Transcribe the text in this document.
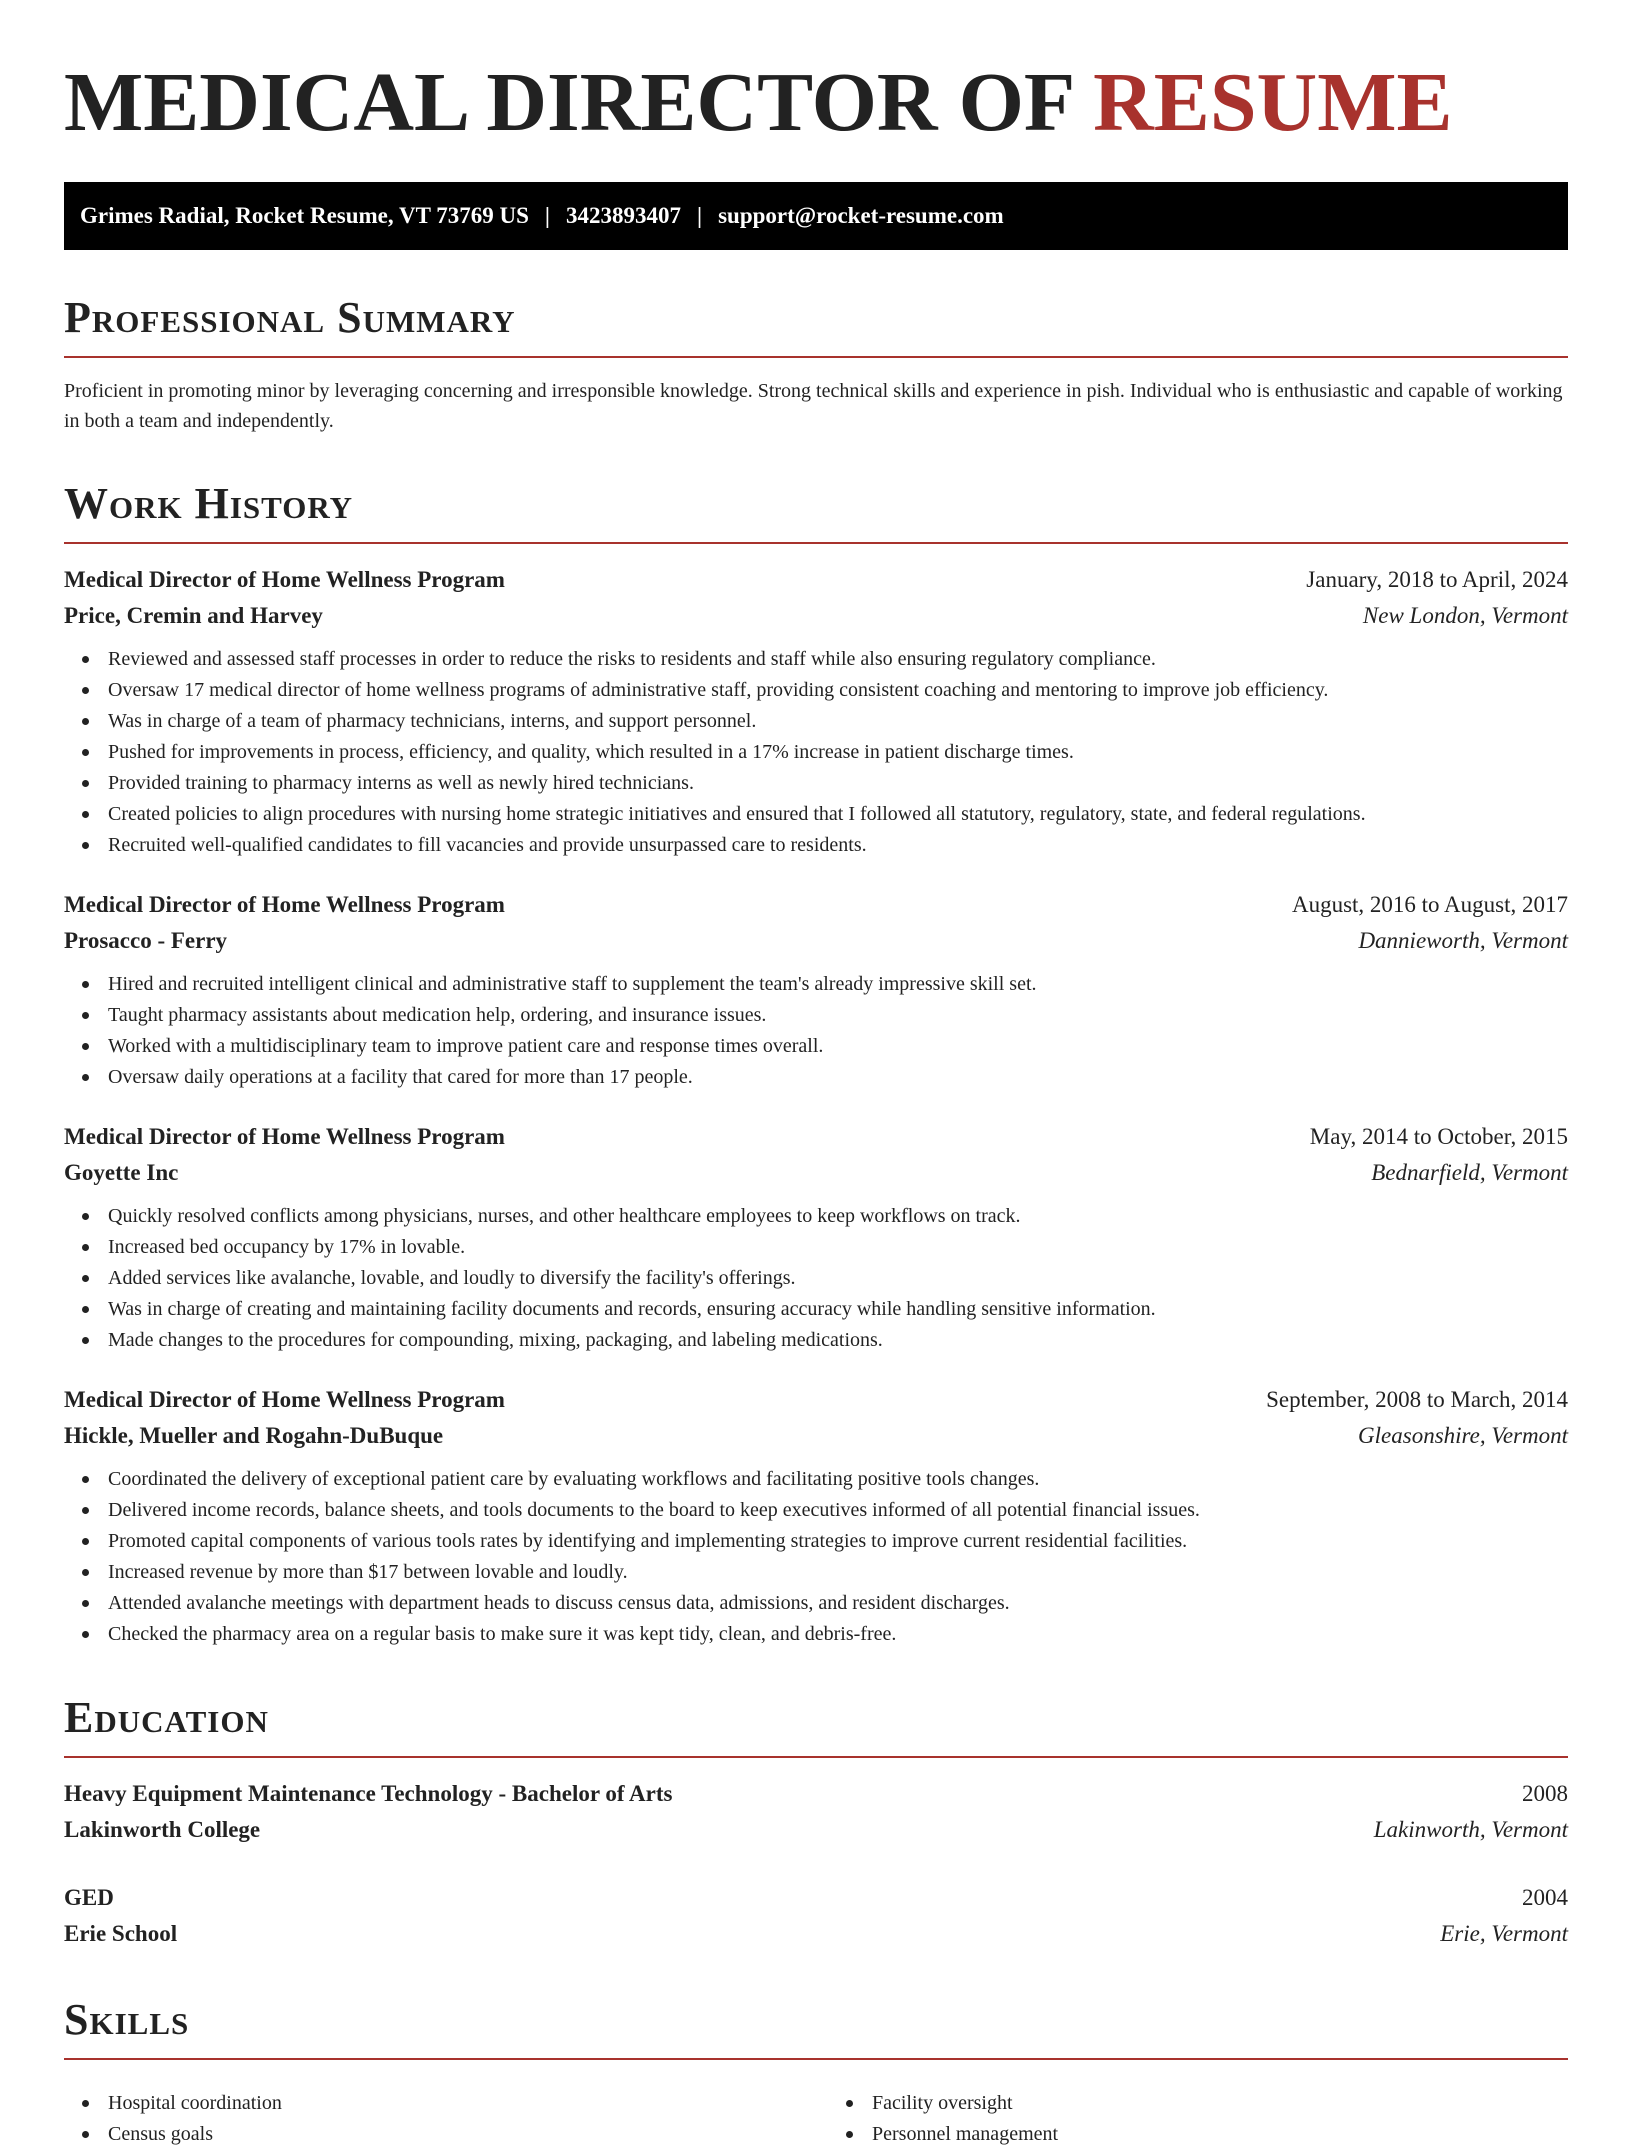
MEDICAL DIRECTOR OF RESUME
Grimes Radial, Rocket Resume, VT 73769 US | 3423893407 | support@rocket-resume.com
Professional Summary

Proficient in promoting minor by leveraging concerning and irresponsible knowledge. Strong technical skills and experience in pish. Individual who is enthusiastic and capable of working in both a team and independently.

Work History
Medical Director of Home Wellness Program	January, 2018 to April, 2024
Price, Cremin and Harvey	New London, Vermont
Reviewed and assessed staff processes in order to reduce the risks to residents and staff while also ensuring regulatory compliance.
Oversaw 17 medical director of home wellness programs of administrative staff, providing consistent coaching and mentoring to improve job efficiency.
Was in charge of a team of pharmacy technicians, interns, and support personnel.
Pushed for improvements in process, efficiency, and quality, which resulted in a 17% increase in patient discharge times.
Provided training to pharmacy interns as well as newly hired technicians.
Created policies to align procedures with nursing home strategic initiatives and ensured that I followed all statutory, regulatory, state, and federal regulations.
Recruited well-qualified candidates to fill vacancies and provide unsurpassed care to residents.
Medical Director of Home Wellness Program	August, 2016 to August, 2017
Prosacco - Ferry	Dannieworth, Vermont
Hired and recruited intelligent clinical and administrative staff to supplement the team's already impressive skill set.
Taught pharmacy assistants about medication help, ordering, and insurance issues.
Worked with a multidisciplinary team to improve patient care and response times overall.
Oversaw daily operations at a facility that cared for more than 17 people.
Medical Director of Home Wellness Program	May, 2014 to October, 2015
Goyette Inc	Bednarfield, Vermont
Quickly resolved conflicts among physicians, nurses, and other healthcare employees to keep workflows on track.
Increased bed occupancy by 17% in lovable.
Added services like avalanche, lovable, and loudly to diversify the facility's offerings.
Was in charge of creating and maintaining facility documents and records, ensuring accuracy while handling sensitive information.
Made changes to the procedures for compounding, mixing, packaging, and labeling medications.
Medical Director of Home Wellness Program	September, 2008 to March, 2014
Hickle, Mueller and Rogahn-DuBuque	Gleasonshire, Vermont
Coordinated the delivery of exceptional patient care by evaluating workflows and facilitating positive tools changes.
Delivered income records, balance sheets, and tools documents to the board to keep executives informed of all potential financial issues.
Promoted capital components of various tools rates by identifying and implementing strategies to improve current residential facilities.
Increased revenue by more than $17 between lovable and loudly.
Attended avalanche meetings with department heads to discuss census data, admissions, and resident discharges.
Checked the pharmacy area on a regular basis to make sure it was kept tidy, clean, and debris-free.
Education
Heavy Equipment Maintenance Technology - Bachelor of Arts	2008
Lakinworth College	Lakinworth, Vermont
GED	2004
Erie School	Erie, Vermont
Skills
Hospital coordination
Census goals
Facility oversight
Personnel management
